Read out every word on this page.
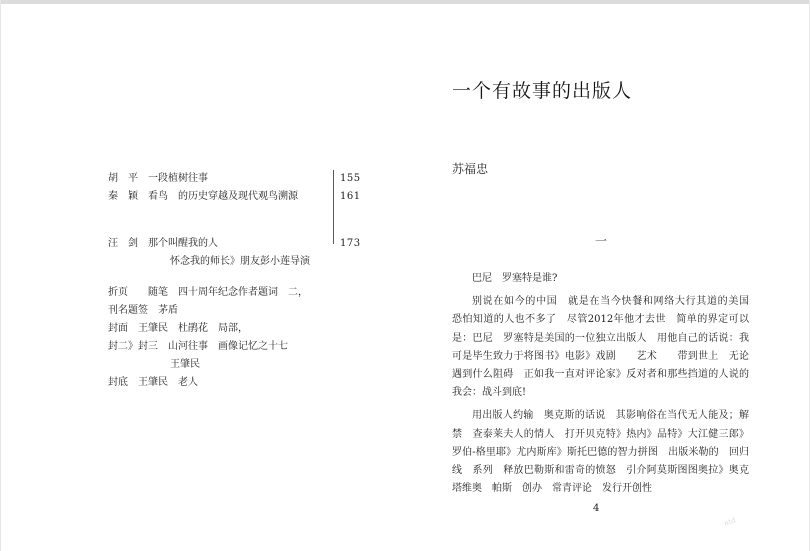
胡　平　一段植树往事	155
秦　颖　看鸟　的历史穿越及现代观鸟溯源	161
汪　剑　那个叫醒我的人
怀念我的师长》朋友彭小莲导演
173
折页　　随笔　四十周年纪念作者题词　二，
刊名题签　茅盾
封面　王肇民　杜鹃花　局部，
封二》封三　山河往事　画像记忆之十七
王肇民
封底　王肇民　老人
一个有故事的出版人
苏福忠
一

巴尼　罗塞特是谁?

别说在如今的中国　就是在当今快餐和网络大行其道的美国　恐怕知道的人也不多了　尽管2012年他才去世　简单的界定可以是：巴尼　罗塞特是美国的一位独立出版人　用他自己的话说：我可是毕生致力于将图书》电影》戏剧　　艺术　　带到世上　无论遇到什么阻碍　正如我一直对评论家》反对者和那些挡道的人说的　我会：战斗到底!

用出版人约输　奥克斯的话说　其影响俗在当代无人能及；解禁　查泰莱夫人的情人　打开贝克特》热内》品特》大江健三郎》罗伯-格里耶》尤内斯库》斯托巴德的智力拼图　出版米勒的　回归线　系列　释放巴勒斯和雷奇的愤怒　引介阿莫斯图图奥拉》奥克塔维奥　帕斯　创办　常青评论　发行开创性

4
ntd
